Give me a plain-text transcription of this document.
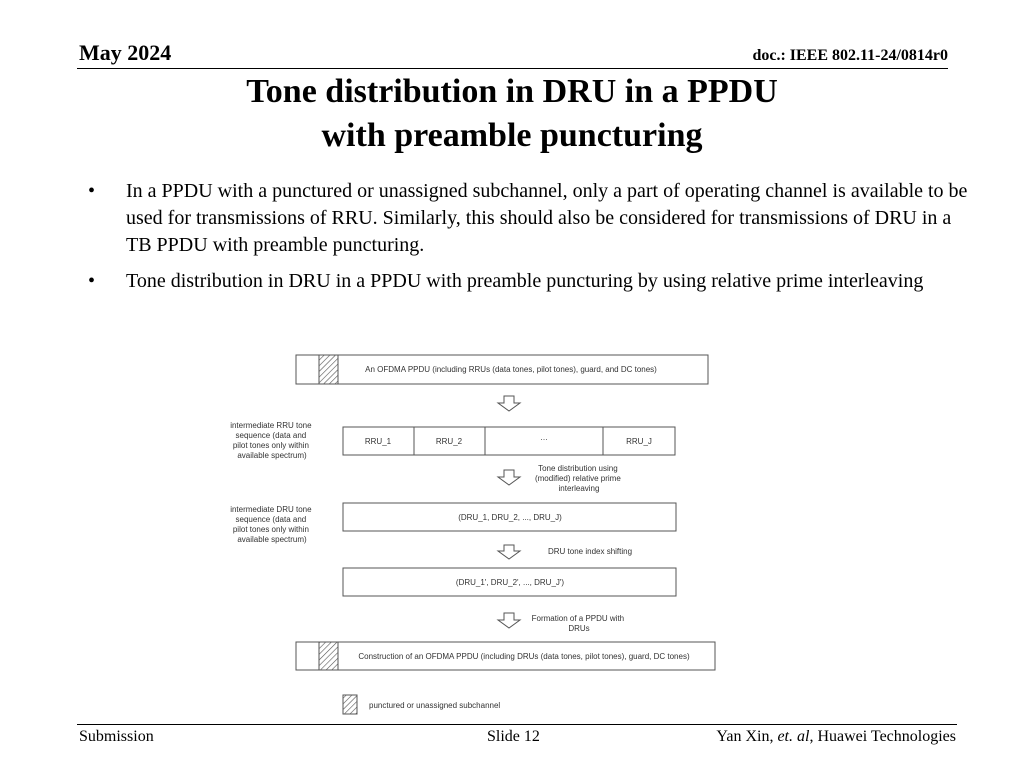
May 2024	doc.: IEEE 802.11-24/0814r0
Tone distribution in DRU in a PPDU
with preamble puncturing
•	In a PPDU with a punctured or unassigned subchannel, only a part of operating channel is available to be used for transmissions of RRU. Similarly, this should also be considered for transmissions of DRU in a TB PPDU with preamble puncturing.
•	Tone distribution in DRU in a PPDU with preamble puncturing by using relative prime interleaving
An OFDMA PPDU (including RRUs (data tones, pilot tones), guard, and DC tones)
intermediate RRU tone sequence (data and pilot tones only within available spectrum)
RRU_1	RRU_2	…	RRU_J
Tone distribution using (modified) relative prime interleaving
intermediate DRU tone sequence (data and pilot tones only within available spectrum)
(DRU_1, DRU_2, ..., DRU_J)
DRU tone index shifting
(DRU_1', DRU_2', ..., DRU_J')
Formation of a PPDU with DRUs
Construction of an OFDMA PPDU (including DRUs (data tones, pilot tones), guard, DC tones)
punctured or unassigned subchannel
Submission	Slide 12	Yan Xin, et. al, Huawei Technologies
